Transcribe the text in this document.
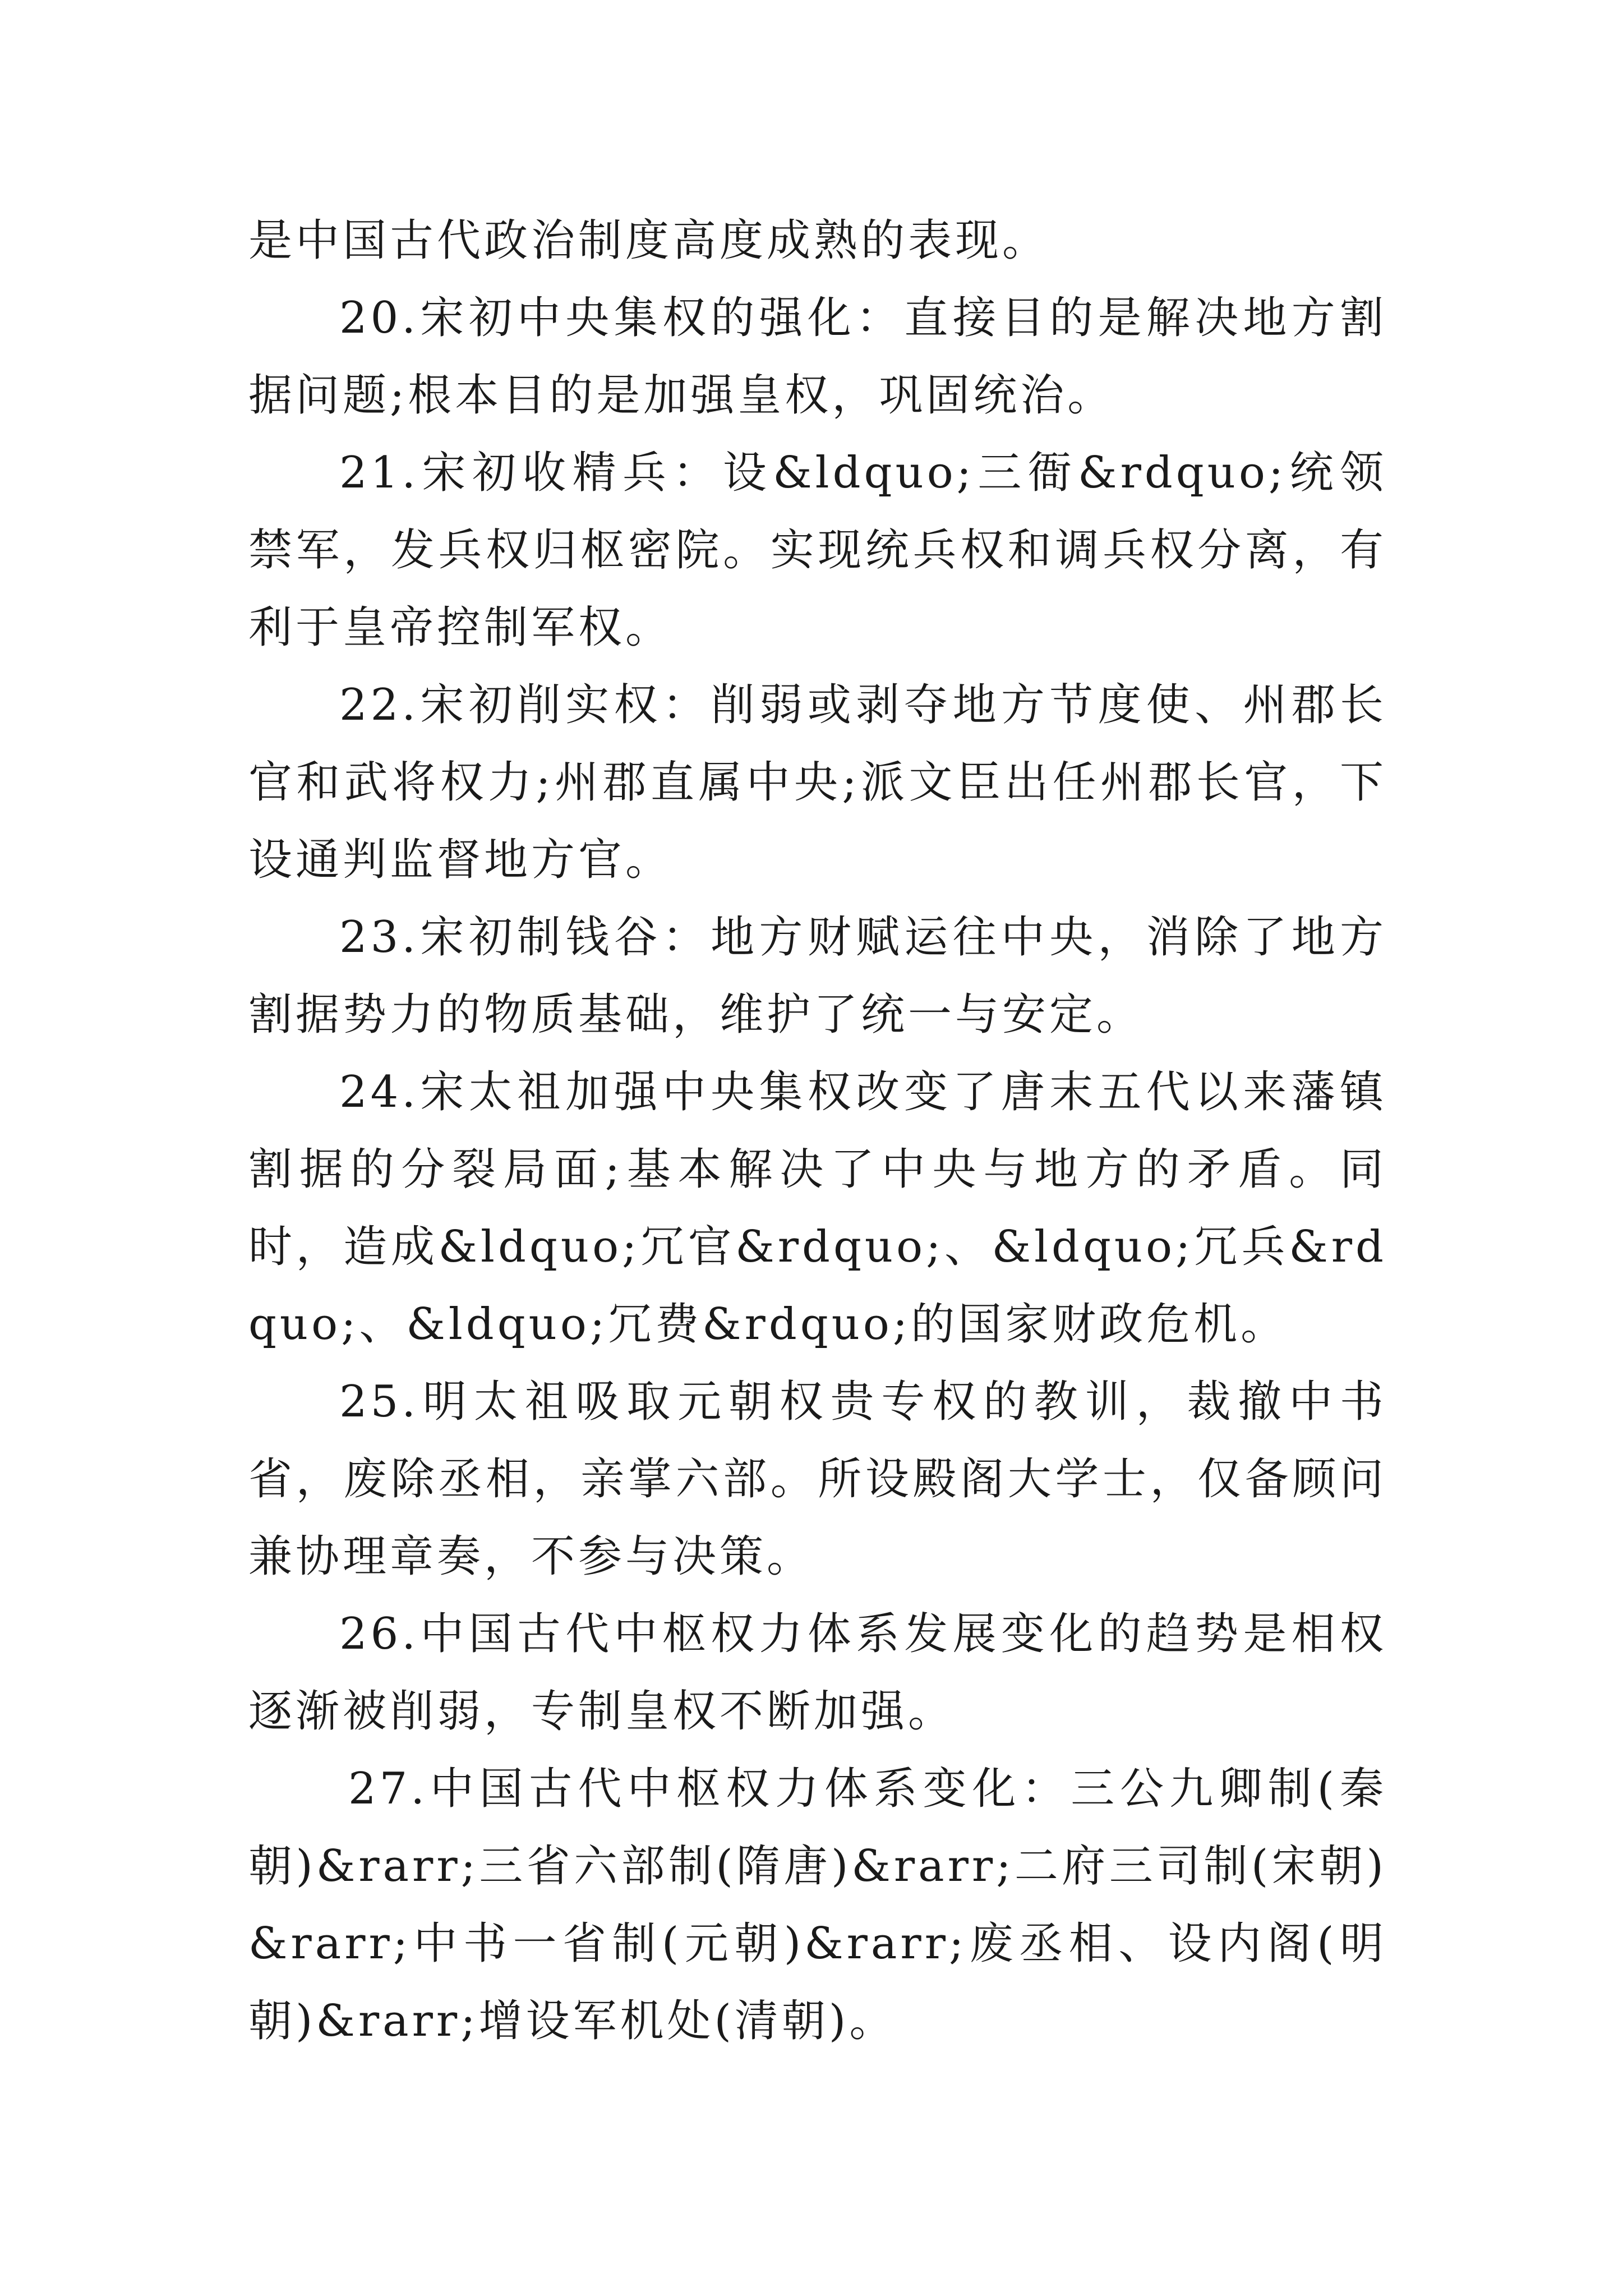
是中国古代政治制度高度成熟的表现。

20.宋初中央集权的强化：直接目的是解决地方割据问题;根本目的是加强皇权，巩固统治。

21.宋初收精兵：设&ldquo;三衙&rdquo;统领禁军，发兵权归枢密院。实现统兵权和调兵权分离，有利于皇帝控制军权。

22.宋初削实权：削弱或剥夺地方节度使、州郡长官和武将权力;州郡直属中央;派文臣出任州郡长官，下设通判监督地方官。

23.宋初制钱谷：地方财赋运往中央，消除了地方割据势力的物质基础，维护了统一与安定。

24.宋太祖加强中央集权改变了唐末五代以来藩镇割据的分裂局面;基本解决了中央与地方的矛盾。同时，造成&ldquo;冗官&rdquo;、&ldquo;冗兵&rdquo;、&ldquo;冗费&rdquo;的国家财政危机。

25.明太祖吸取元朝权贵专权的教训，裁撤中书省，废除丞相，亲掌六部。所设殿阁大学士，仅备顾问兼协理章奏，不参与决策。

26.中国古代中枢权力体系发展变化的趋势是相权逐渐被削弱，专制皇权不断加强。

27.中国古代中枢权力体系变化：三公九卿制(秦朝)&rarr;三省六部制(隋唐)&rarr;二府三司制(宋朝)&rarr;中书一省制(元朝)&rarr;废丞相、设内阁(明朝)&rarr;增设军机处(清朝)。
